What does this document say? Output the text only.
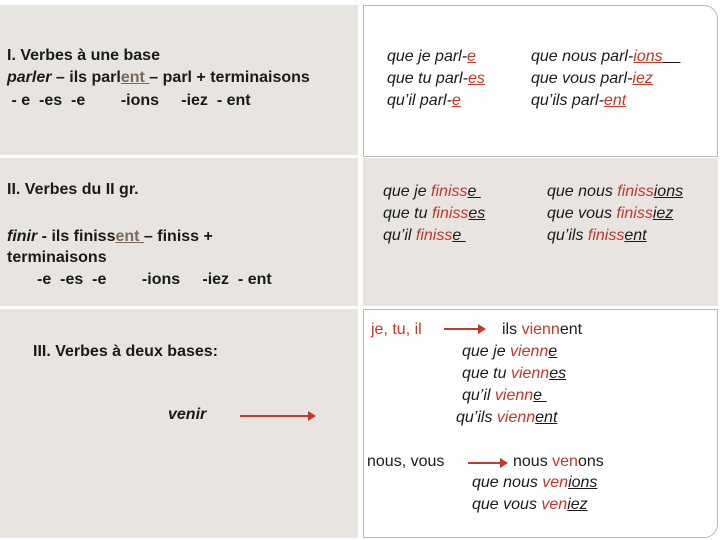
I. Verbes à une base
parler – ils parlent – parl + terminaisons
- e  -es  -e        -ions     -iez  - ent
que je parl-e
que tu parl-es
qu’il parl-e
que nous parl-ions
que vous parl-iez
qu’ils parl-ent
II. Verbes du II gr.
finir - ils finissent – finiss +
terminaisons
-e  -es  -e        -ions     -iez  - ent
que je finisse
que tu finisses
qu’il finisse
que nous finissions
que vous finissiez
qu’ils finissent
III. Verbes à deux bases:
venir
je, tu, il	ils viennent
que je vienne
que tu viennes
qu’il vienne
qu’ils viennent
nous, vous	nous venons
que nous venions
que vous veniez
